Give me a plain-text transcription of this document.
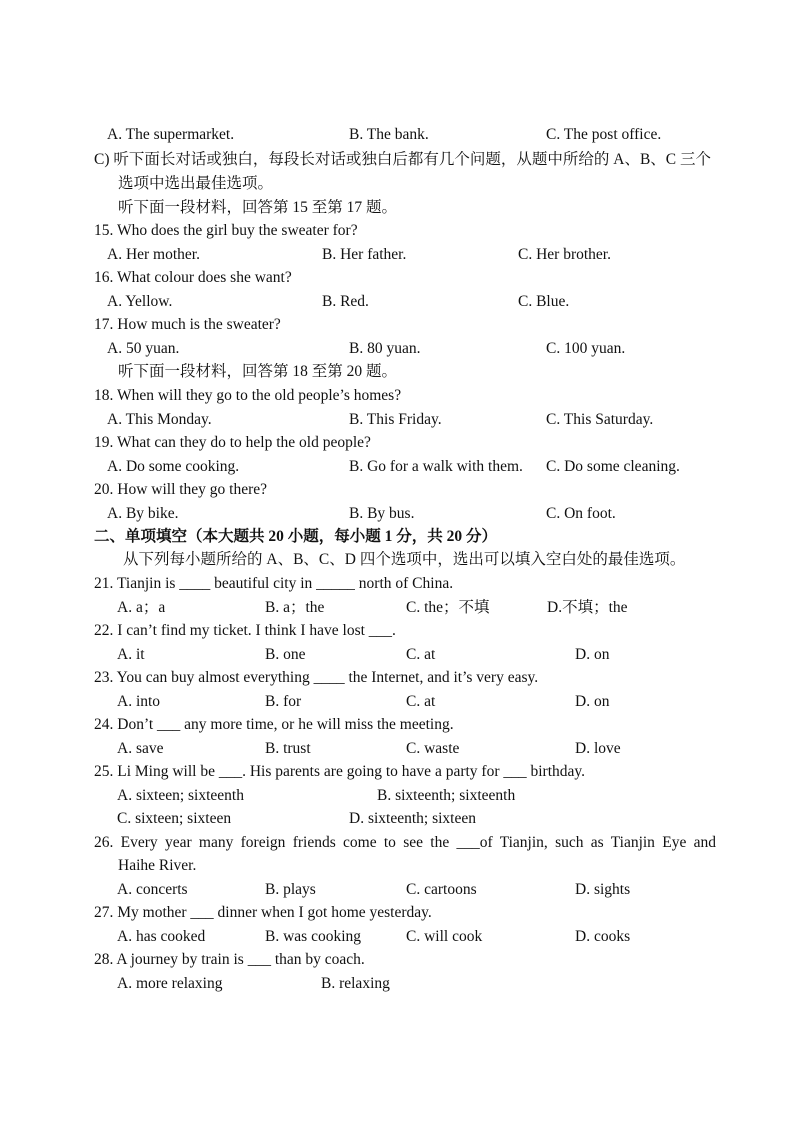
A. The supermarket.	B. The bank.	C. The post office.
C) 听下面长对话或独白，每段长对话或独白后都有几个问题，从题中所给的 A、B、C 三个
选项中选出最佳选项。
听下面一段材料，回答第 15 至第 17 题。
15. Who does the girl buy the sweater for?
A. Her mother.	B. Her father.	C. Her brother.
16. What colour does she want?
A. Yellow.	B. Red.	C. Blue.
17. How much is the sweater?
A. 50 yuan.	B. 80 yuan.	C. 100 yuan.
听下面一段材料，回答第 18 至第 20 题。
18. When will they go to the old people’s homes?
A. This Monday.	B. This Friday.	C. This Saturday.
19. What can they do to help the old people?
A. Do some cooking.	B. Go for a walk with them. C. Do some cleaning.
20. How will they go there?
A. By bike.	B. By bus.	C. On foot.
二、单项填空（本大题共 20 小题，每小题 1 分，共 20 分）
从下列每小题所给的 A、B、C、D 四个选项中，选出可以填入空白处的最佳选项。
21. Tianjin is ____ beautiful city in _____ north of China.
A. a；a	B. a；the	C. the；不填	D.不填；the
22. I can’t find my ticket. I think I have lost ___.
A. it	B. one	C. at	D. on
23. You can buy almost everything ____ the Internet, and it’s very easy.
A. into	B. for	C. at	D. on
24. Don’t ___ any more time, or he will miss the meeting.
A. save	B. trust	C. waste	D. love
25. Li Ming will be ___. His parents are going to have a party for ___ birthday.
A. sixteen; sixteenth	B. sixteenth; sixteenth
C. sixteen; sixteen	D. sixteenth; sixteen
26. Every year many foreign friends come to see the ___of Tianjin, such as Tianjin Eye and
Haihe River.
A. concerts	B. plays	C. cartoons	D. sights
27. My mother ___ dinner when I got home yesterday.
A. has cooked	B. was cooking	C. will cook	D. cooks
28. A journey by train is ___ than by coach.
A. more relaxing	B. relaxing
